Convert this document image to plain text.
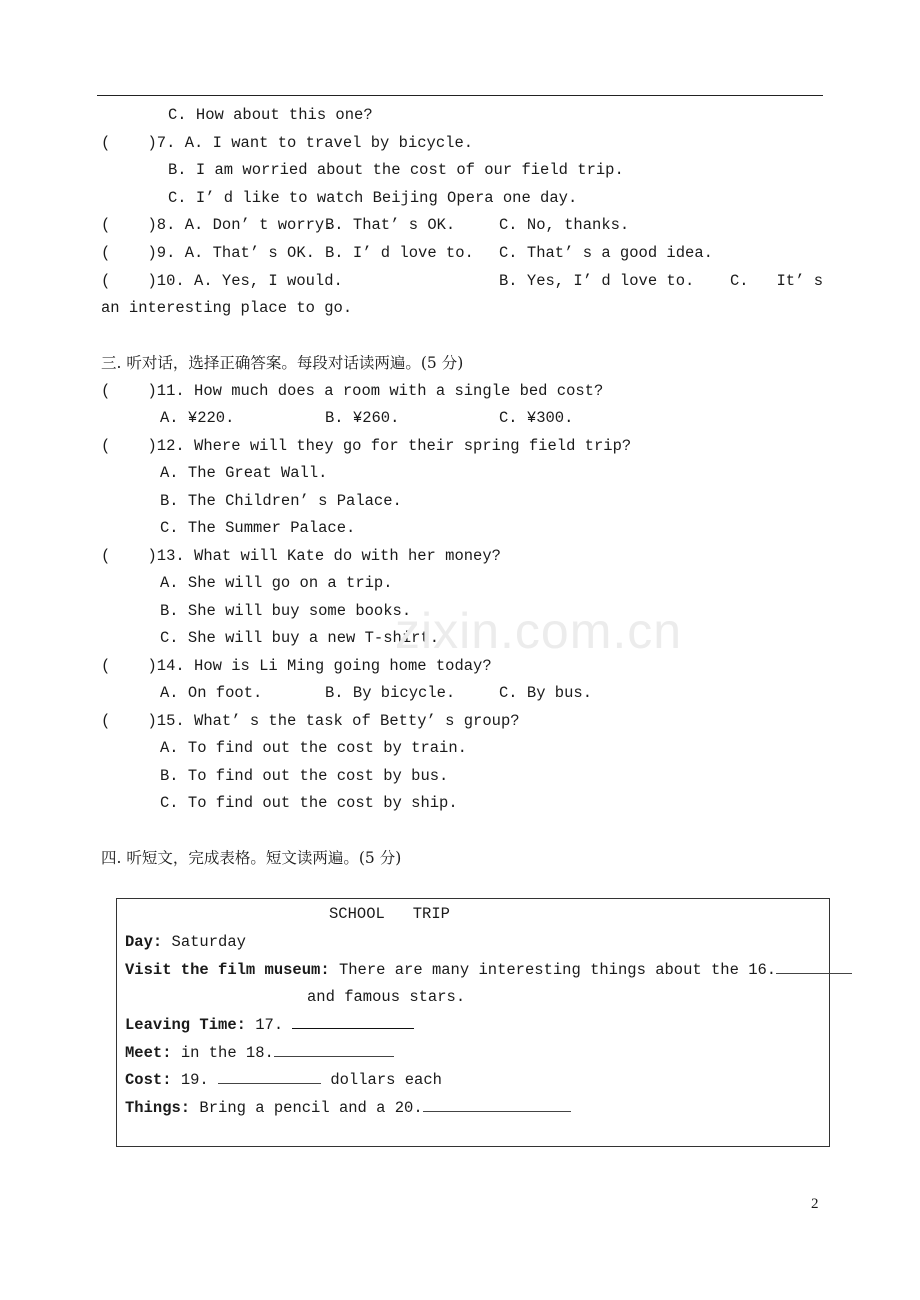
C. How about this one?
(    )7. A. I want to travel by bicycle.
B. I am worried about the cost of our field trip.
C. I’ d like to watch Beijing Opera one day.
(    )8. A. Don’ t worry.
B. That’ s OK.	C. No, thanks.
(    )9. A. That’ s OK. B. I’ d love to. C. That’ s a good idea.
(    )10. A. Yes, I would.	B. Yes, I’ d love to. C.   It’ s
an interesting place to go.
三. 听对话，选择正确答案。每段对话读两遍。(5 分)
(    )11. How much does a room with a single bed cost?
A. ¥220.	B. ¥260.	C. ¥300.
(    )12. Where will they go for their spring field trip?
A. The Great Wall.
B. The Children’ s Palace.
C. The Summer Palace.
(    )13. What will Kate do with her money?
A. She will go on a trip.
B. She will buy some books.
C. She will buy a new T-shirt.
(    )14. How is Li Ming going home today?
A. On foot.	B. By bicycle.	C. By bus.
(    )15. What’ s the task of Betty’ s group?
A. To find out the cost by train.
B. To find out the cost by bus.
C. To find out the cost by ship.
四. 听短文，完成表格。短文读两遍。(5 分)
SCHOOL   TRIP
Day: Saturday
Visit the film museum: There are many interesting things about the 16.
and famous stars.
Leaving Time: 17.
Meet: in the 18.
Cost: 19.	dollars each
Things: Bring a pencil and a 20.
zixin.com.cn
2
